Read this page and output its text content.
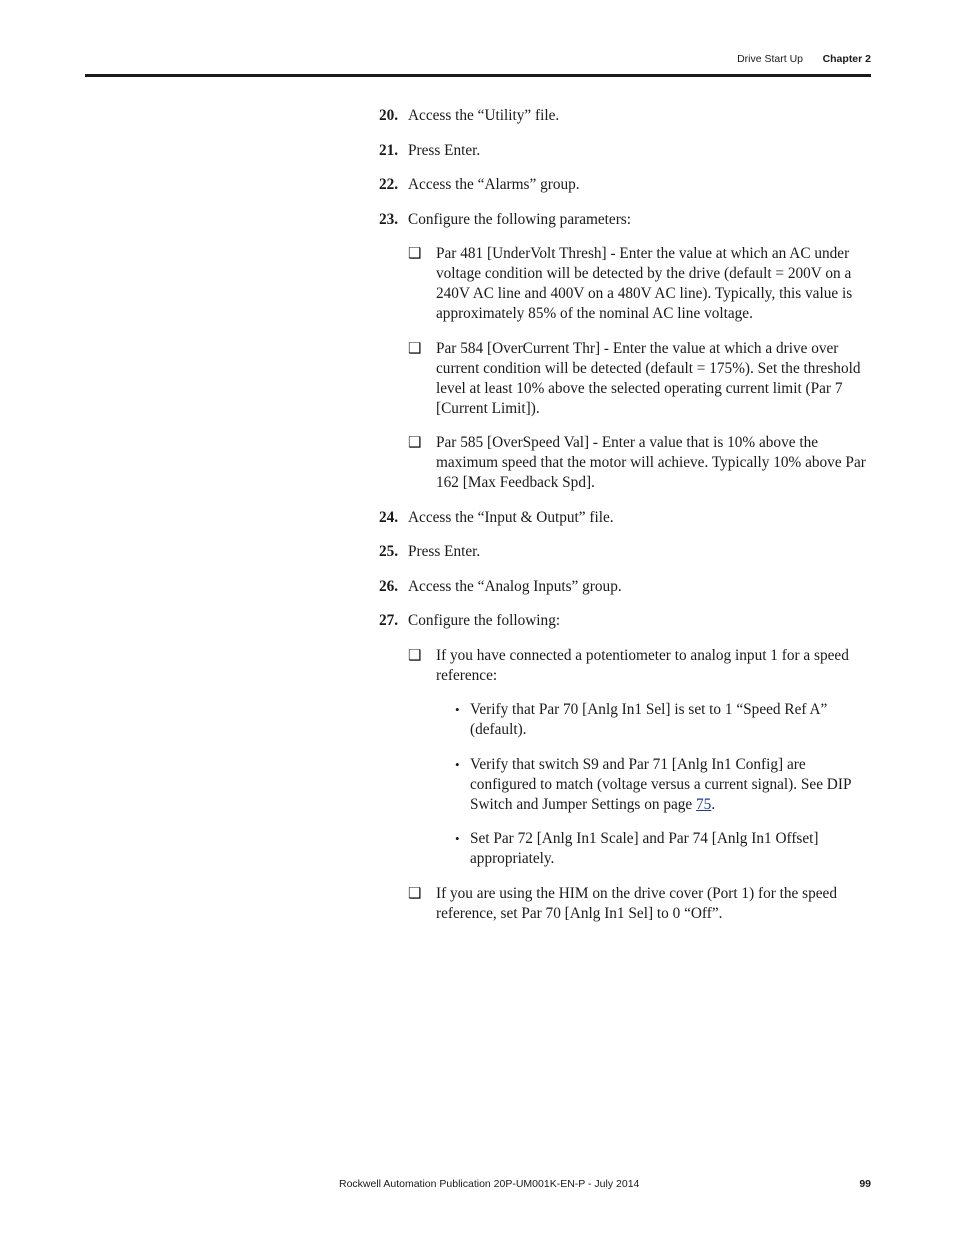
Drive Start Up Chapter 2
20. Access the “Utility” file.
21. Press Enter.
22. Access the “Alarms” group.
23. Configure the following parameters:
❑ Par 481 [UnderVolt Thresh] - Enter the value at which an AC under voltage condition will be detected by the drive (default = 200V on a 240V AC line and 400V on a 480V AC line). Typically, this value is approximately 85% of the nominal AC line voltage.
❑ Par 584 [OverCurrent Thr] - Enter the value at which a drive over current condition will be detected (default = 175%). Set the threshold level at least 10% above the selected operating current limit (Par 7 [Current Limit]).
❑ Par 585 [OverSpeed Val] - Enter a value that is 10% above the maximum speed that the motor will achieve. Typically 10% above Par 162 [Max Feedback Spd].
24. Access the “Input & Output” file.
25. Press Enter.
26. Access the “Analog Inputs” group.
27. Configure the following:
❑ If you have connected a potentiometer to analog input 1 for a speed reference:
• Verify that Par 70 [Anlg In1 Sel] is set to 1 “Speed Ref A” (default).
• Verify that switch S9 and Par 71 [Anlg In1 Config] are configured to match (voltage versus a current signal). See DIP Switch and Jumper Settings on page 75.
• Set Par 72 [Anlg In1 Scale] and Par 74 [Anlg In1 Offset] appropriately.
❑ If you are using the HIM on the drive cover (Port 1) for the speed reference, set Par 70 [Anlg In1 Sel] to 0 “Off”.
Rockwell Automation Publication 20P-UM001K-EN-P - July 2014	99
